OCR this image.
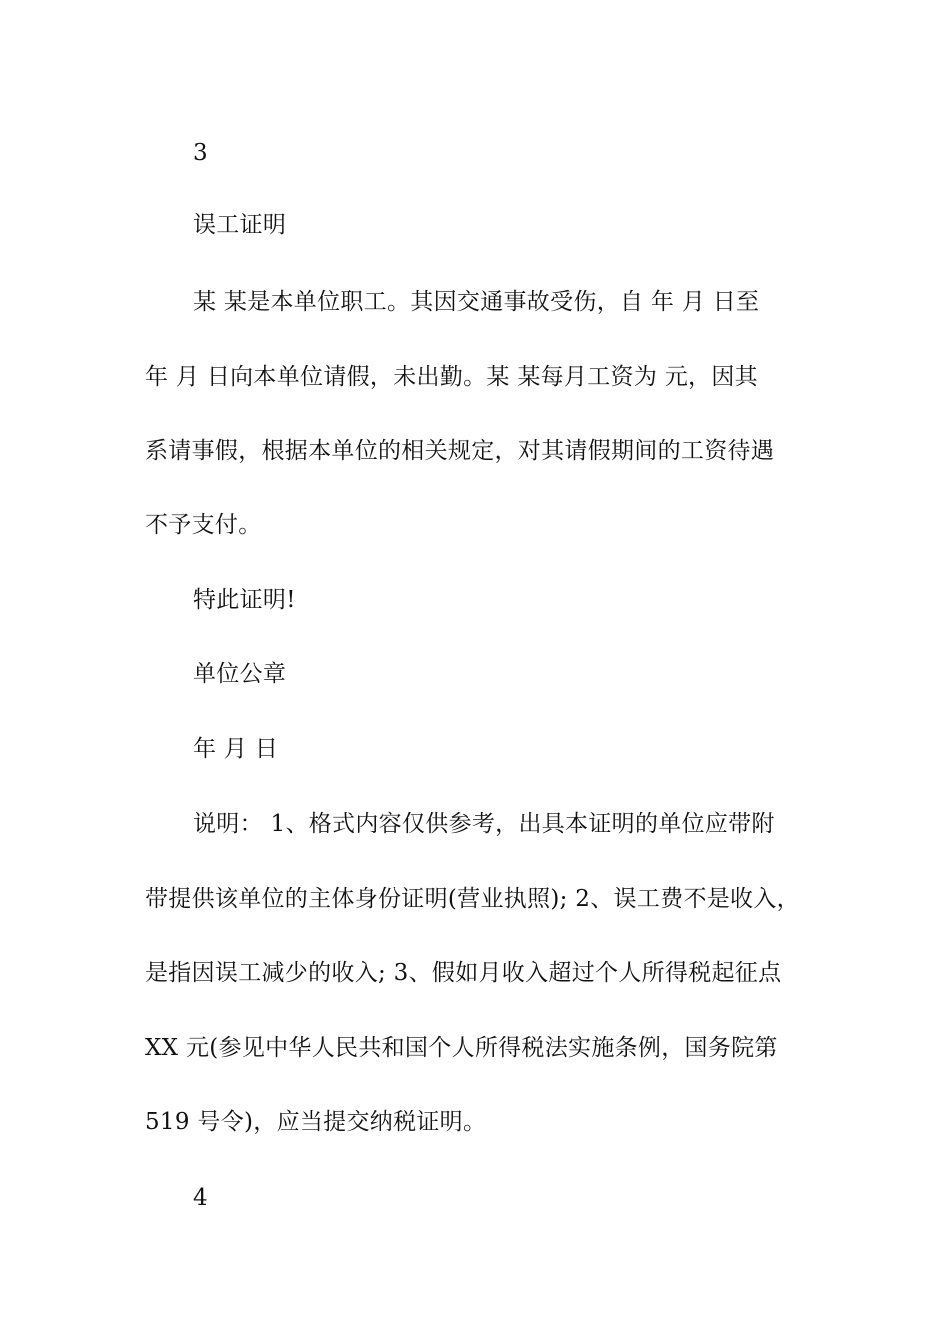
3
误工证明
某 某是本单位职工。其因交通事故受伤，自 年 月 日至
年 月 日向本单位请假，未出勤。某 某每月工资为 元，因其
系请事假，根据本单位的相关规定，对其请假期间的工资待遇
不予支付。
特此证明!
单位公章
年 月 日
说明： 1、格式内容仅供参考，出具本证明的单位应带附
带提供该单位的主体身份证明(营业执照); 2、误工费不是收入，
是指因误工减少的收入; 3、假如月收入超过个人所得税起征点
XX 元(参见中华人民共和国个人所得税法实施条例，国务院第
519 号令)，应当提交纳税证明。
4
